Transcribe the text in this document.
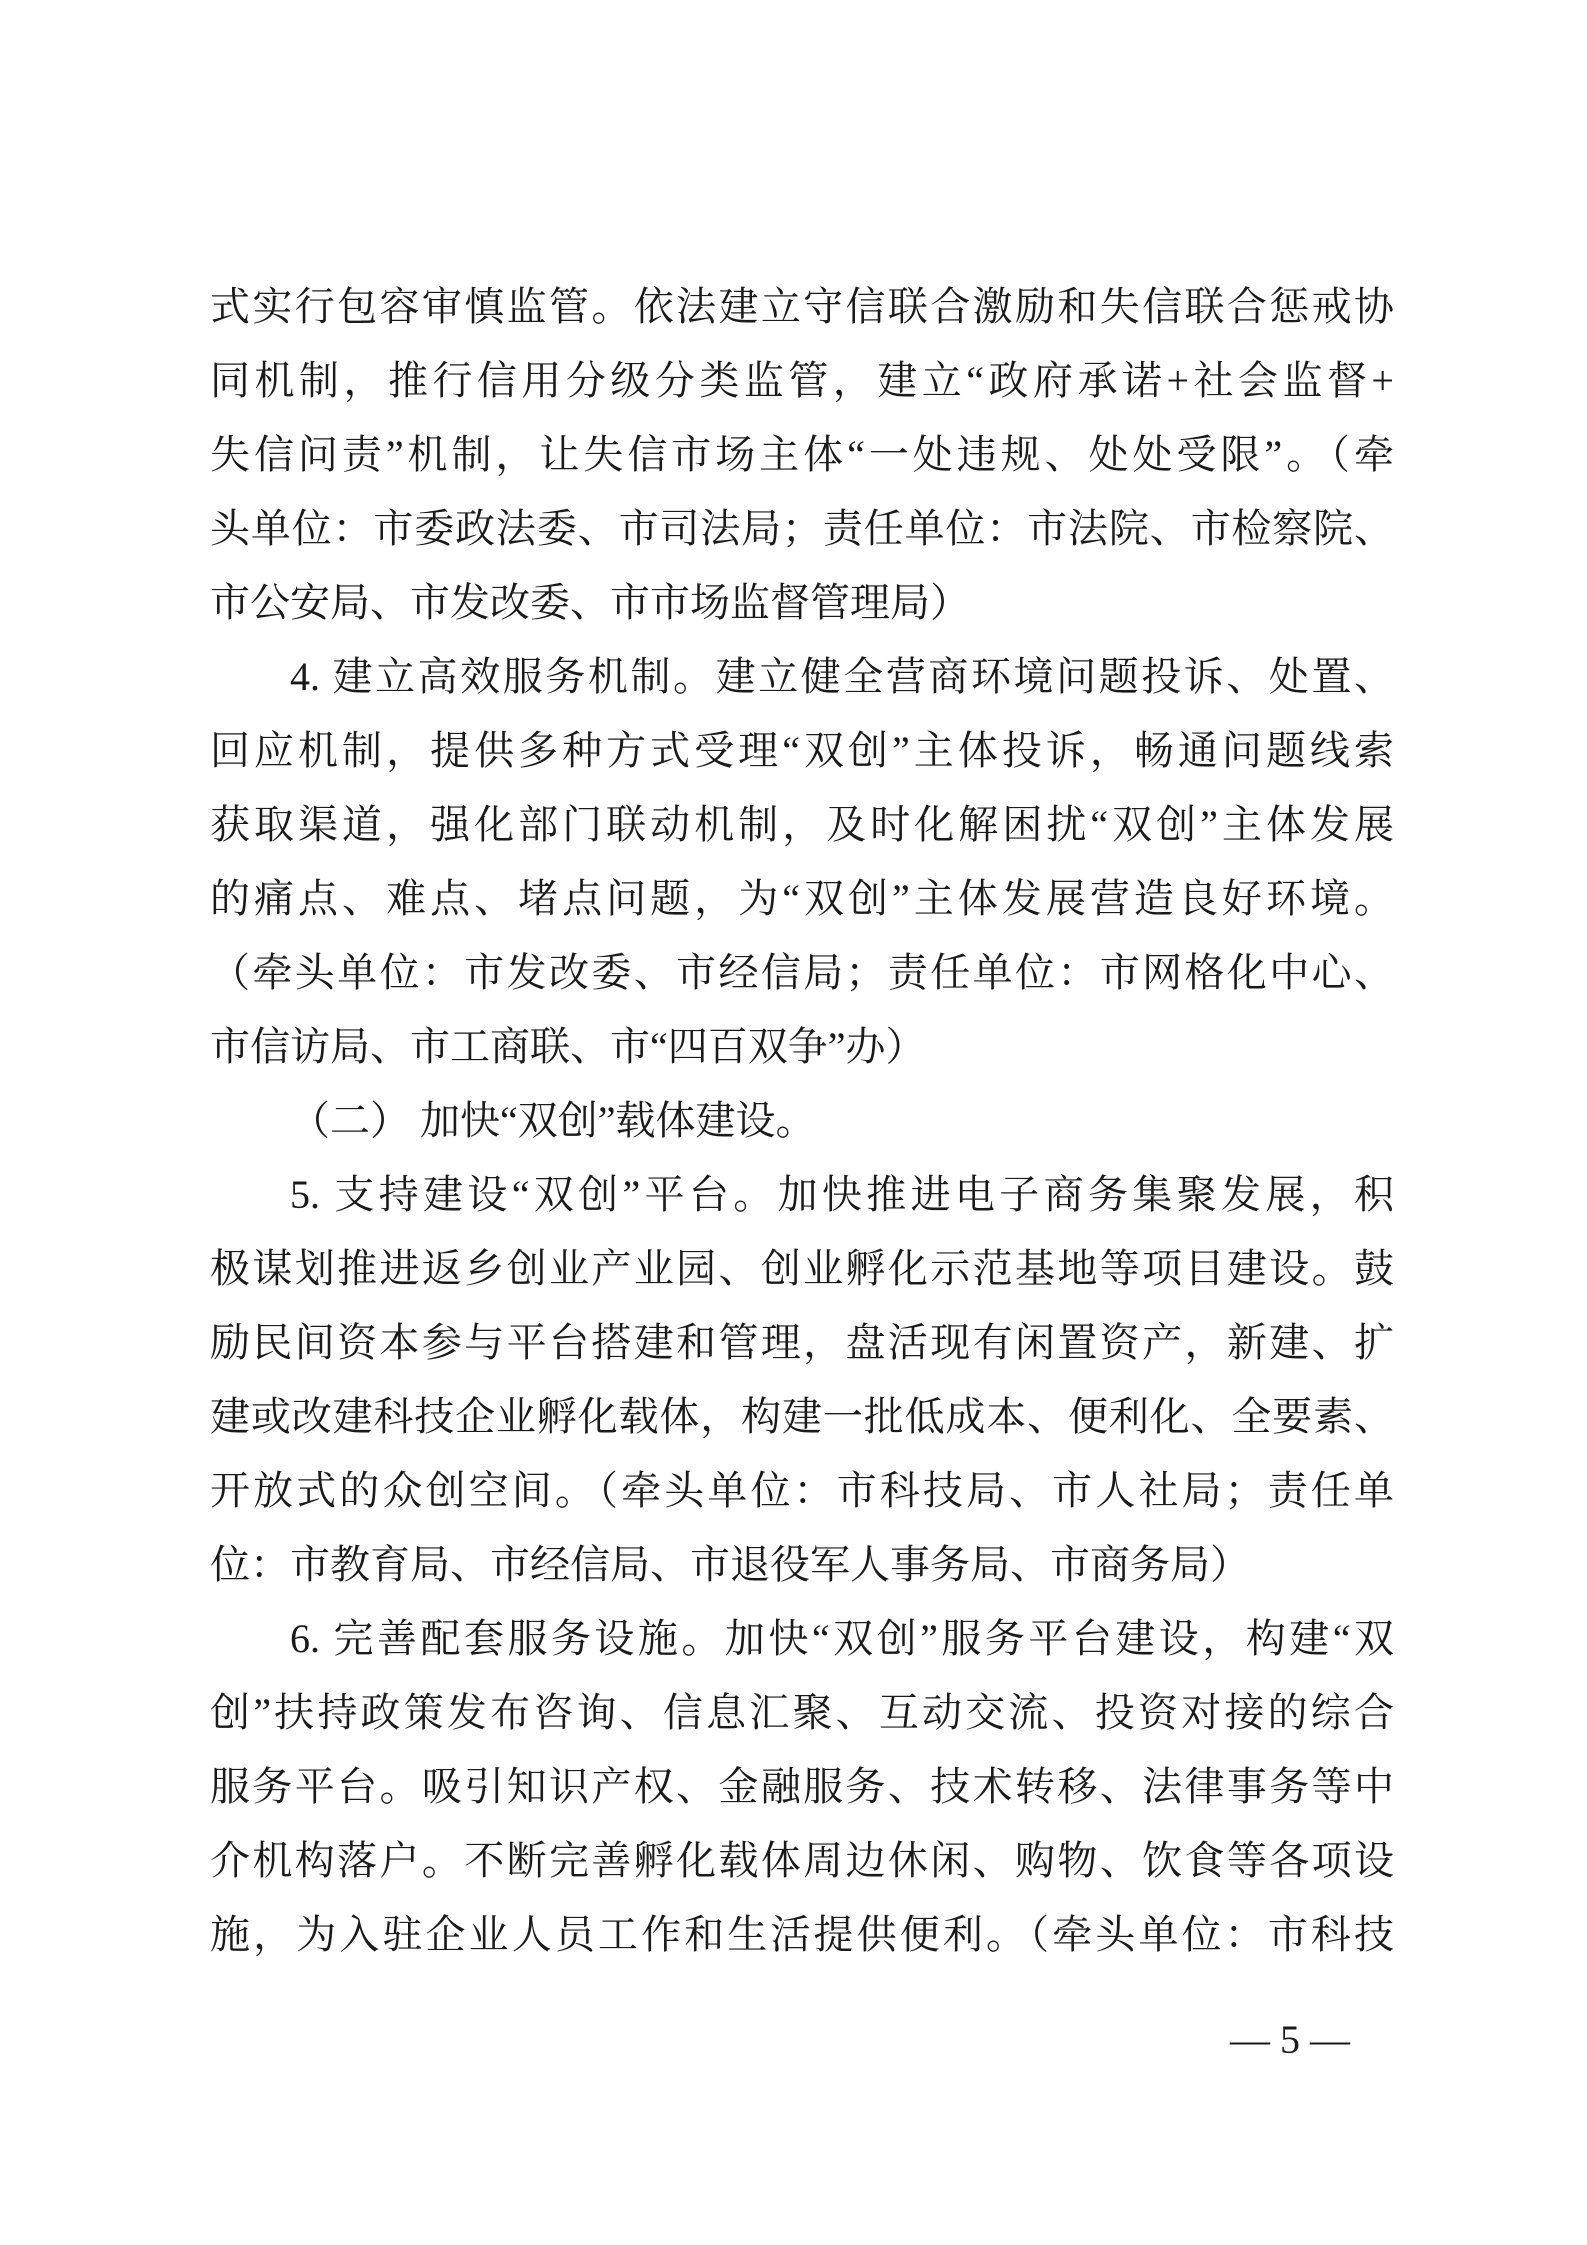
式实行包容审慎监管。依法建立守信联合激励和失信联合惩戒协
同机制，推行信用分级分类监管，建立“政府承诺+社会监督+
失信问责”机制，让失信市场主体“一处违规、处处受限”。（牵
头单位：市委政法委、市司法局；责任单位：市法院、市检察院、
市公安局、市发改委、市市场监督管理局）
4. 建立高效服务机制。建立健全营商环境问题投诉、处置、
回应机制，提供多种方式受理“双创”主体投诉，畅通问题线索
获取渠道，强化部门联动机制，及时化解困扰“双创”主体发展
的痛点、难点、堵点问题，为“双创”主体发展营造良好环境。
（牵头单位：市发改委、市经信局；责任单位：市网格化中心、
市信访局、市工商联、市“四百双争”办）
（二） 加快“双创”载体建设。
5. 支持建设“双创”平台。加快推进电子商务集聚发展，积
极谋划推进返乡创业产业园、创业孵化示范基地等项目建设。鼓
励民间资本参与平台搭建和管理，盘活现有闲置资产，新建、扩
建或改建科技企业孵化载体，构建一批低成本、便利化、全要素、
开放式的众创空间。（牵头单位：市科技局、市人社局；责任单
位：市教育局、市经信局、市退役军人事务局、市商务局）
6. 完善配套服务设施。加快“双创”服务平台建设，构建“双
创”扶持政策发布咨询、信息汇聚、互动交流、投资对接的综合
服务平台。吸引知识产权、金融服务、技术转移、法律事务等中
介机构落户。不断完善孵化载体周边休闲、购物、饮食等各项设
施，为入驻企业人员工作和生活提供便利。（牵头单位：市科技
— 5 —
